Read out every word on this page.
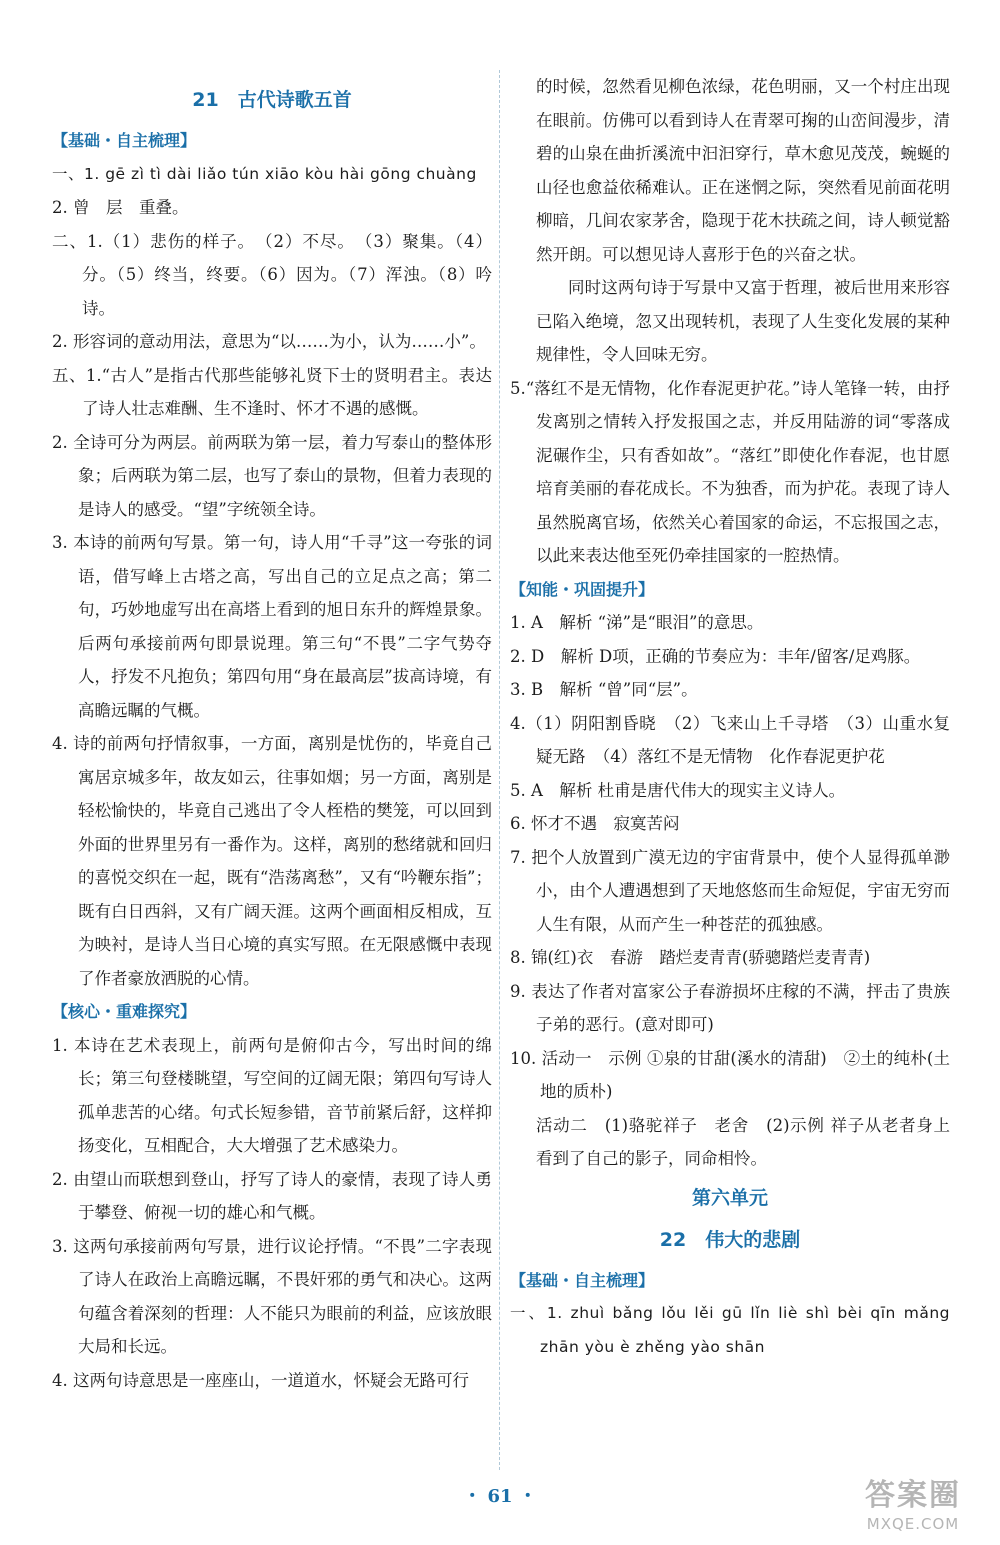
21　古代诗歌五首
【基础・自主梳理】

一、1. gē zì tì dài liǎo tún xiāo kòu hài gōng chuàng

2. 曾　层　重叠。

二、1.（1）悲伤的样子。　（2）不尽。　（3）聚集。（4）分。（5）终当，终要。（6）因为。（7）浑浊。（8）吟诗。

2. 形容词的意动用法，意思为“以……为小，认为……小”。

五、1.“古人”是指古代那些能够礼贤下士的贤明君主。表达了诗人壮志难酬、生不逢时、怀才不遇的感慨。

2. 全诗可分为两层。前两联为第一层，着力写泰山的整体形象；后两联为第二层，也写了泰山的景物，但着力表现的是诗人的感受。“望”字统领全诗。

3. 本诗的前两句写景。第一句，诗人用“千寻”这一夸张的词语，借写峰上古塔之高，写出自己的立足点之高；第二句，巧妙地虚写出在高塔上看到的旭日东升的辉煌景象。后两句承接前两句即景说理。第三句“不畏”二字气势夺人，抒发不凡抱负；第四句用“身在最高层”拔高诗境，有高瞻远瞩的气概。

4. 诗的前两句抒情叙事，一方面，离别是忧伤的，毕竟自己寓居京城多年，故友如云，往事如烟；另一方面，离别是轻松愉快的，毕竟自己逃出了令人桎梏的樊笼，可以回到外面的世界里另有一番作为。这样，离别的愁绪就和回归的喜悦交织在一起，既有“浩荡离愁”，又有“吟鞭东指”；既有白日西斜，又有广阔天涯。这两个画面相反相成，互为映衬，是诗人当日心境的真实写照。在无限感慨中表现了作者豪放洒脱的心情。

【核心・重难探究】

1. 本诗在艺术表现上，前两句是俯仰古今，写出时间的绵长；第三句登楼眺望，写空间的辽阔无限；第四句写诗人孤单悲苦的心绪。句式长短参错，音节前紧后舒，这样抑扬变化，互相配合，大大增强了艺术感染力。

2. 由望山而联想到登山，抒写了诗人的豪情，表现了诗人勇于攀登、俯视一切的雄心和气概。

3. 这两句承接前两句写景，进行议论抒情。“不畏”二字表现了诗人在政治上高瞻远瞩，不畏奸邪的勇气和决心。这两句蕴含着深刻的哲理：人不能只为眼前的利益，应该放眼大局和长远。

4. 这两句诗意思是一座座山，一道道水，怀疑会无路可行

的时候，忽然看见柳色浓绿，花色明丽，又一个村庄出现在眼前。仿佛可以看到诗人在青翠可掬的山峦间漫步，清碧的山泉在曲折溪流中汩汩穿行，草木愈见茂茂，蜿蜒的山径也愈益依稀难认。正在迷惘之际，突然看见前面花明柳暗，几间农家茅舍，隐现于花木扶疏之间，诗人顿觉豁然开朗。可以想见诗人喜形于色的兴奋之状。

同时这两句诗于写景中又富于哲理，被后世用来形容已陷入绝境，忽又出现转机，表现了人生变化发展的某种规律性，令人回味无穷。

5.“落红不是无情物，化作春泥更护花。”诗人笔锋一转，由抒发离别之情转入抒发报国之志，并反用陆游的词“零落成泥碾作尘，只有香如故”。“落红”即使化作春泥，也甘愿培育美丽的春花成长。不为独香，而为护花。表现了诗人虽然脱离官场，依然关心着国家的命运，不忘报国之志，以此来表达他至死仍牵挂国家的一腔热情。

【知能・巩固提升】

1. A　解析 “涕”是“眼泪”的意思。

2. D　解析 D项，正确的节奏应为：丰年/留客/足鸡豚。

3. B　解析 “曾”同“层”。

4.（1）阴阳割昏晓　（2）飞来山上千寻塔　（3）山重水复疑无路　（4）落红不是无情物　化作春泥更护花

5. A　解析 杜甫是唐代伟大的现实主义诗人。

6. 怀才不遇　寂寞苦闷

7. 把个人放置到广漠无边的宇宙背景中，使个人显得孤单渺小，由个人遭遇想到了天地悠悠而生命短促，宇宙无穷而人生有限，从而产生一种苍茫的孤独感。

8. 锦(红)衣　春游　踏烂麦青青(骄骢踏烂麦青青)

9. 表达了作者对富家公子春游损坏庄稼的不满，抨击了贵族子弟的恶行。(意对即可)

10. 活动一　示例 ①泉的甘甜(溪水的清甜)　②土的纯朴(土地的质朴)

活动二　(1)骆驼祥子　老舍　(2)示例 祥子从老者身上看到了自己的影子，同命相怜。

第六单元
22　伟大的悲剧
【基础・自主梳理】

一、1. zhuì bǎng lǒu lěi gū lǐn liè shì bèi qīn mǎng zhān yòu è zhěng yào shān

・ 61 ・	答案圈
MXQE.COM
